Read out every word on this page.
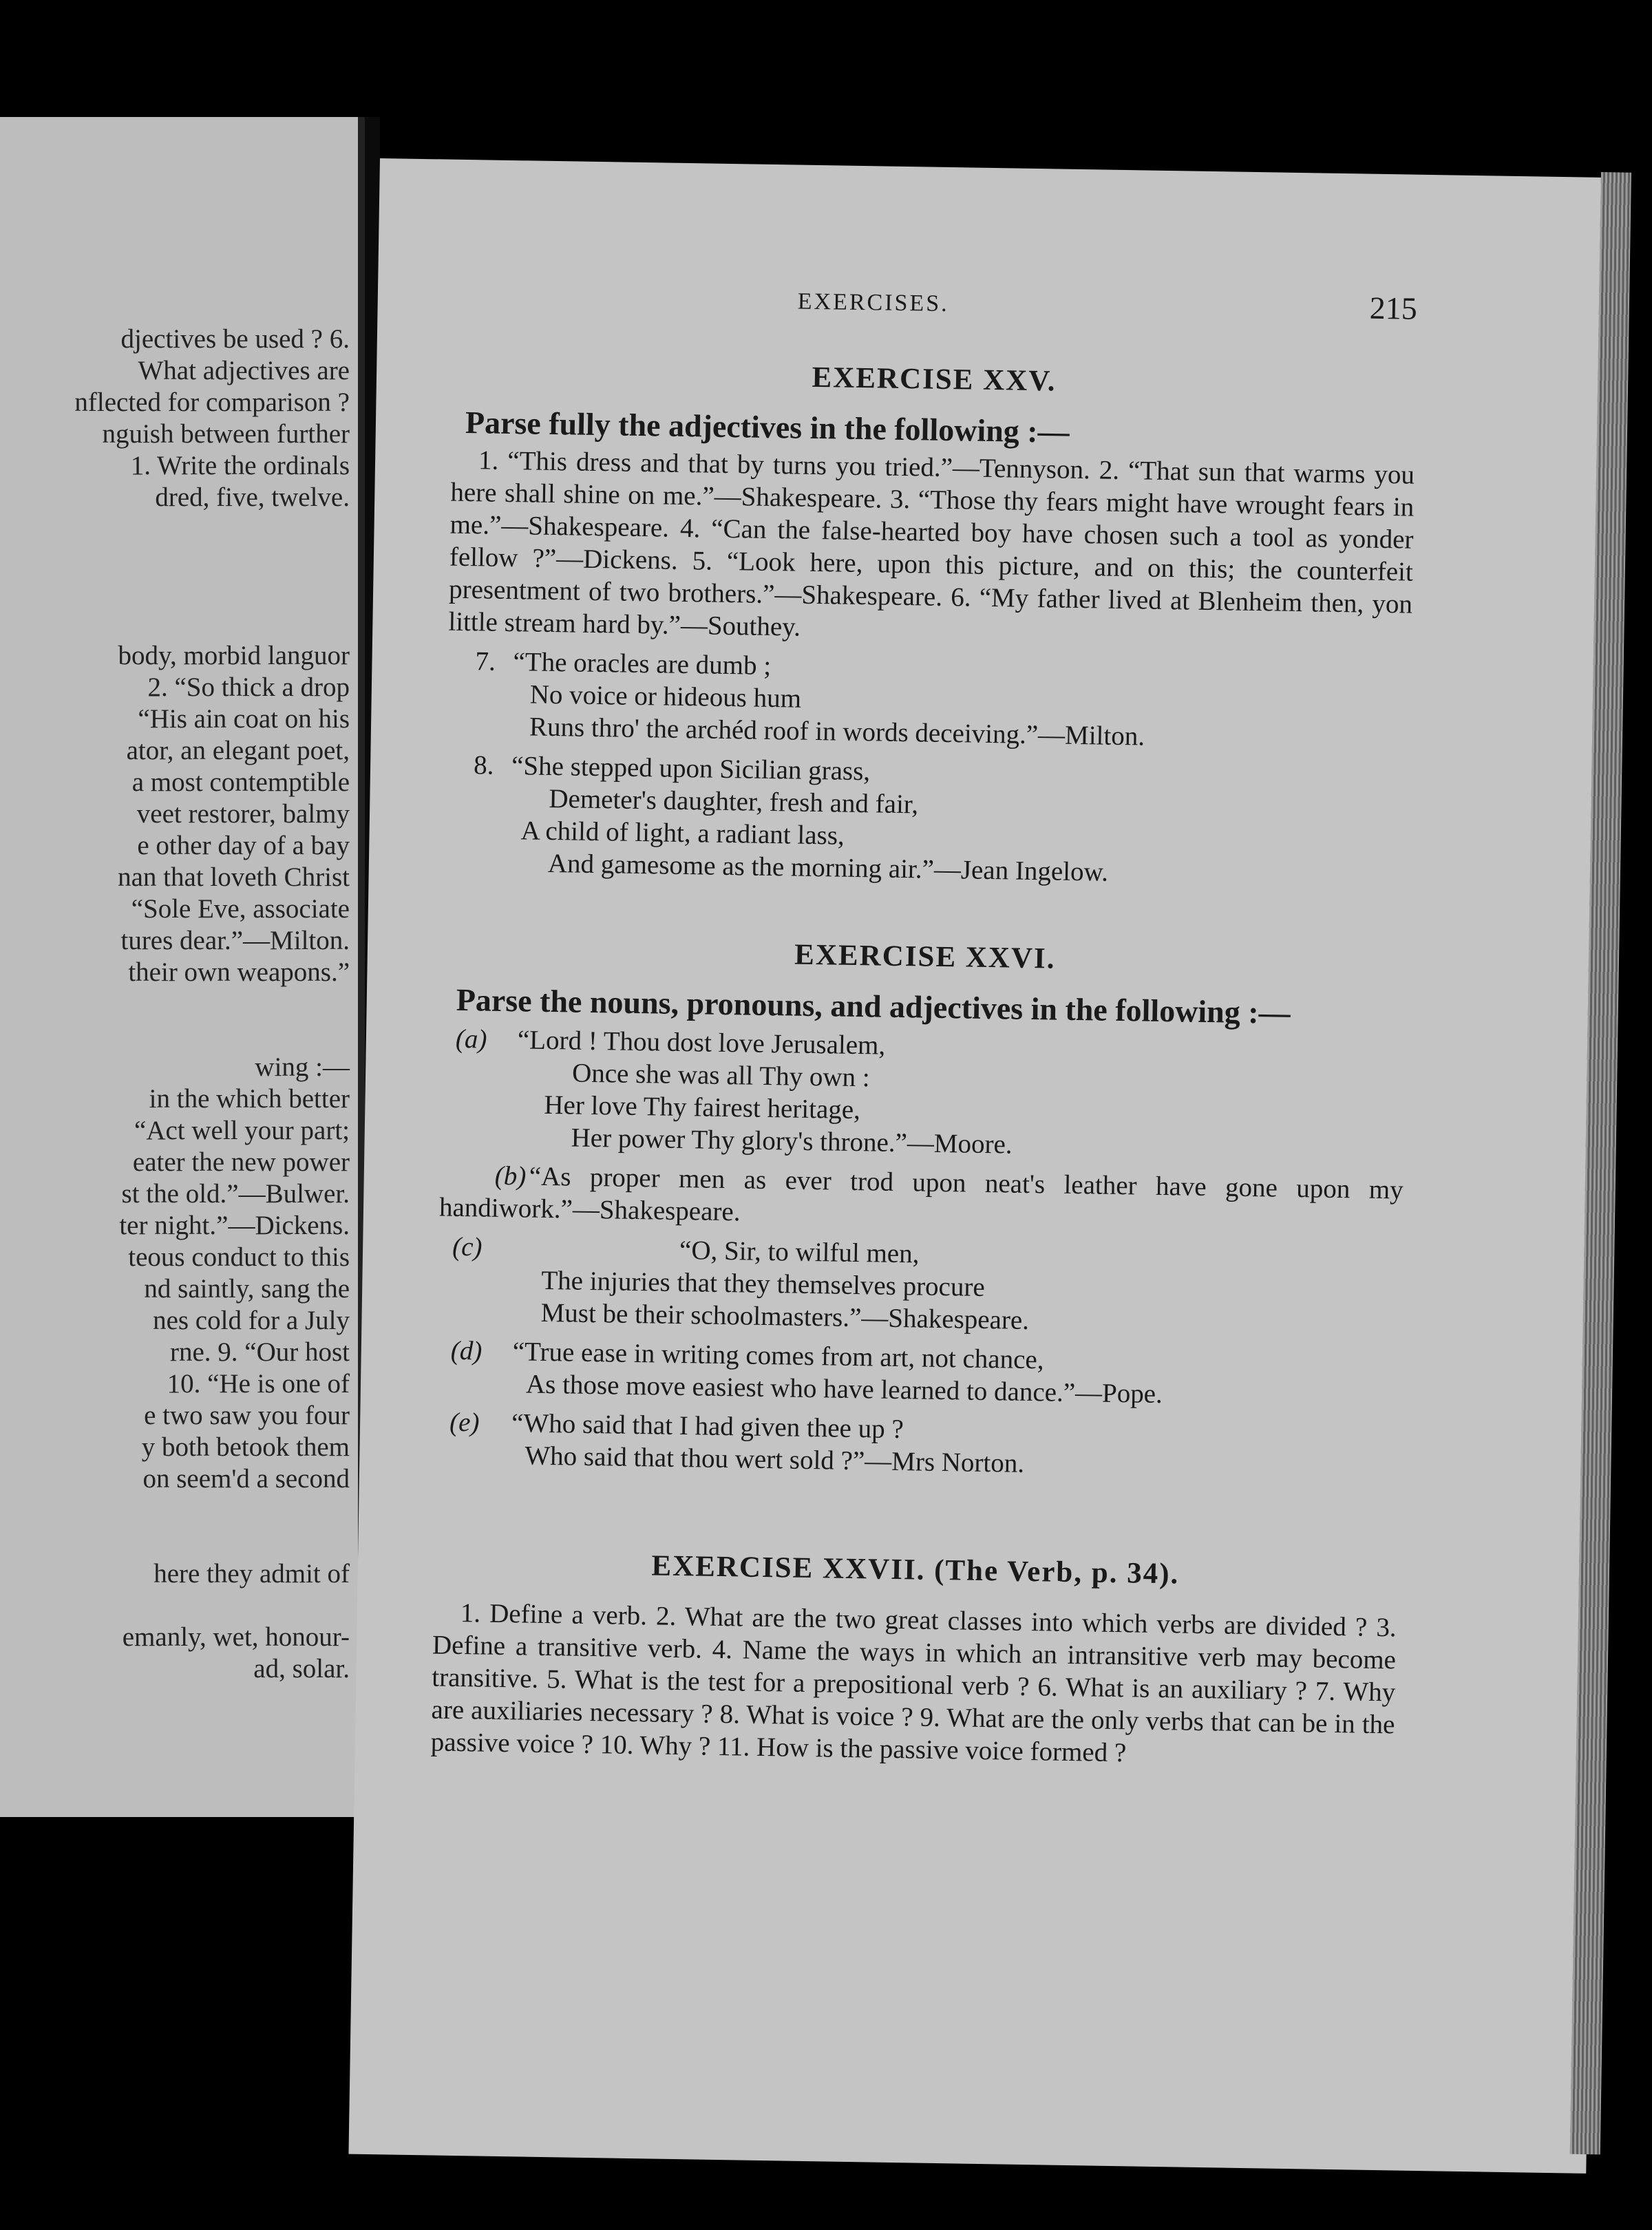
djectives be used ? 6.
What adjectives are
nflected for comparison ?
nguish between further
1. Write the ordinals
dred, five, twelve.
body, morbid languor
2. “So thick a drop
“His ain coat on his
ator, an elegant poet,
a most contemptible
veet restorer, balmy
e other day of a bay
nan that loveth Christ
“Sole Eve, associate
tures dear.”—Milton.
their own weapons.”
wing :—
in the which better
“Act well your part;
eater the new power
st the old.”—Bulwer.
ter night.”—Dickens.
teous conduct to this
nd saintly, sang the
nes cold for a July
rne. 9. “Our host
10. “He is one of
e two saw you four
y both betook them
on seem'd a second
here they admit of
emanly, wet, honour-
ad, solar.
EXERCISES.	215
EXERCISE XXV.
Parse fully the adjectives in the following :—

1. “This dress and that by turns you tried.”—Tennyson. 2. “That sun that warms you here shall shine on me.”—Shakespeare. 3. “Those thy fears might have wrought fears in me.”—Shakespeare. 4. “Can the false-hearted boy have chosen such a tool as yonder fellow ?”—Dickens. 5. “Look here, upon this picture, and on this; the counterfeit presentment of two brothers.”—Shakespeare. 6. “My father lived at Blenheim then, yon little stream hard by.”—Southey.

7. “The oracles are dumb ;
No voice or hideous hum
Runs thro' the archéd roof in words deceiving.”—Milton.
8. “She stepped upon Sicilian grass,
Demeter's daughter, fresh and fair,
A child of light, a radiant lass,
And gamesome as the morning air.”—Jean Ingelow.
EXERCISE XXVI.
Parse the nouns, pronouns, and adjectives in the following :—
(a) “Lord ! Thou dost love Jerusalem,
Once she was all Thy own :
Her love Thy fairest heritage,
Her power Thy glory's throne.”—Moore.

(b)“As proper men as ever trod upon neat's leather have gone upon my handiwork.”—Shakespeare.

(c)	“O, Sir, to wilful men,
The injuries that they themselves procure
Must be their schoolmasters.”—Shakespeare.
(d) “True ease in writing comes from art, not chance,
As those move easiest who have learned to dance.”—Pope.
(e) “Who said that I had given thee up ?
Who said that thou wert sold ?”—Mrs Norton.
EXERCISE XXVII. (The Verb, p. 34).

1. Define a verb. 2. What are the two great classes into which verbs are divided ? 3. Define a transitive verb. 4. Name the ways in which an intransitive verb may become transitive. 5. What is the test for a prepositional verb ? 6. What is an auxiliary ? 7. Why are auxiliaries necessary ? 8. What is voice ? 9. What are the only verbs that can be in the passive voice ? 10. Why ? 11. How is the passive voice formed ?
